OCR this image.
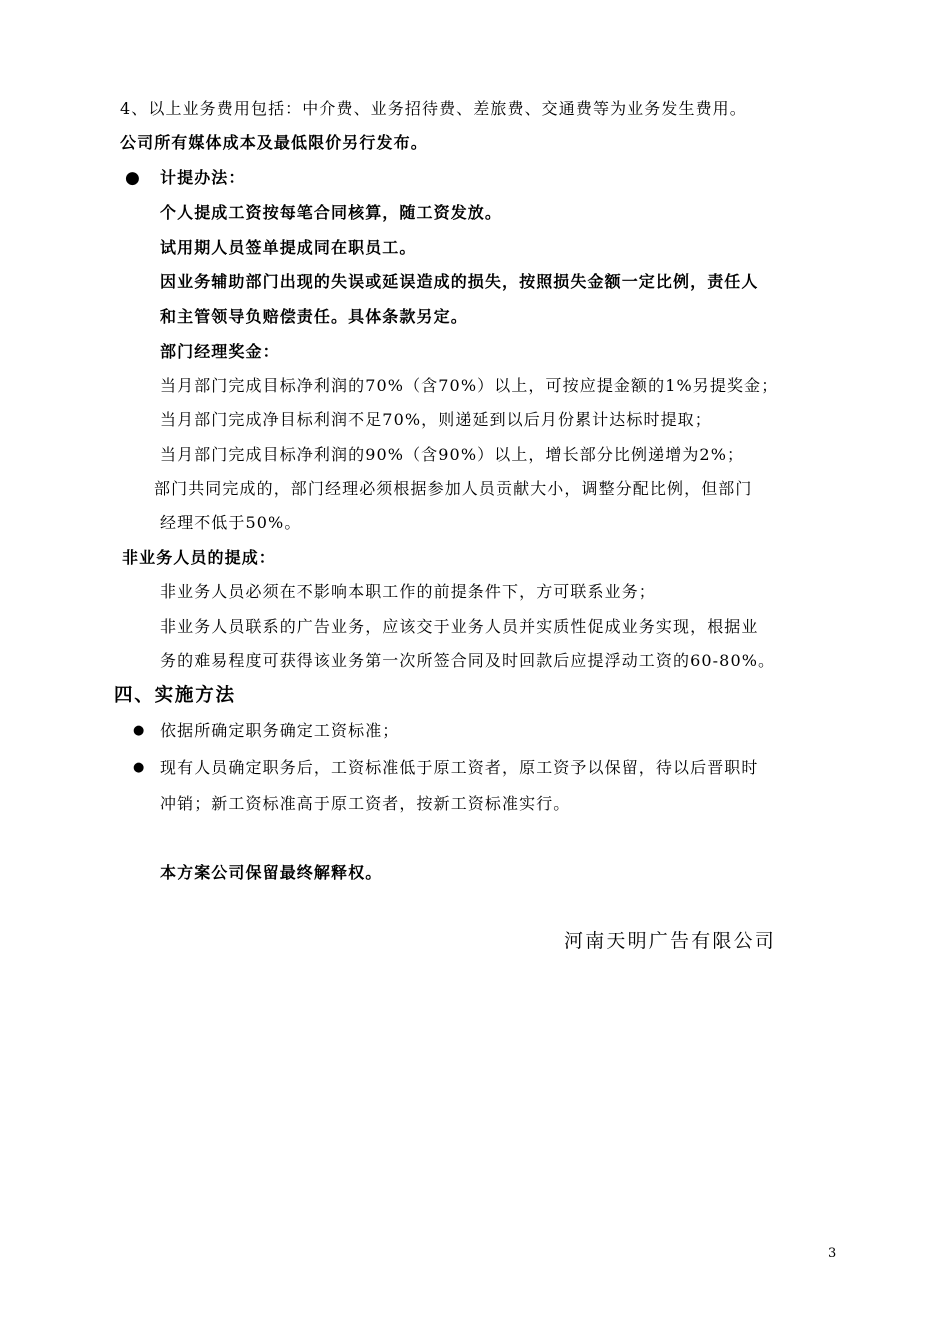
4、以上业务费用包括：中介费、业务招待费、差旅费、交通费等为业务发生费用。
公司所有媒体成本及最低限价另行发布。
● 计提办法：
个人提成工资按每笔合同核算，随工资发放。
试用期人员签单提成同在职员工。
因业务辅助部门出现的失误或延误造成的损失，按照损失金额一定比例，责任人
和主管领导负赔偿责任。具体条款另定。
部门经理奖金：
当月部门完成目标净利润的70%（含70%）以上，可按应提金额的1%另提奖金；
当月部门完成净目标利润不足70%，则递延到以后月份累计达标时提取；
当月部门完成目标净利润的90%（含90%）以上，增长部分比例递增为2%；
部门共同完成的，部门经理必须根据参加人员贡献大小，调整分配比例，但部门
经理不低于50%。
非业务人员的提成：
非业务人员必须在不影响本职工作的前提条件下，方可联系业务；
非业务人员联系的广告业务，应该交于业务人员并实质性促成业务实现，根据业
务的难易程度可获得该业务第一次所签合同及时回款后应提浮动工资的60-80%。
四、实施方法
● 依据所确定职务确定工资标准；
● 现有人员确定职务后，工资标准低于原工资者，原工资予以保留，待以后晋职时
冲销；新工资标准高于原工资者，按新工资标准实行。
本方案公司保留最终解释权。
河南天明广告有限公司
3
